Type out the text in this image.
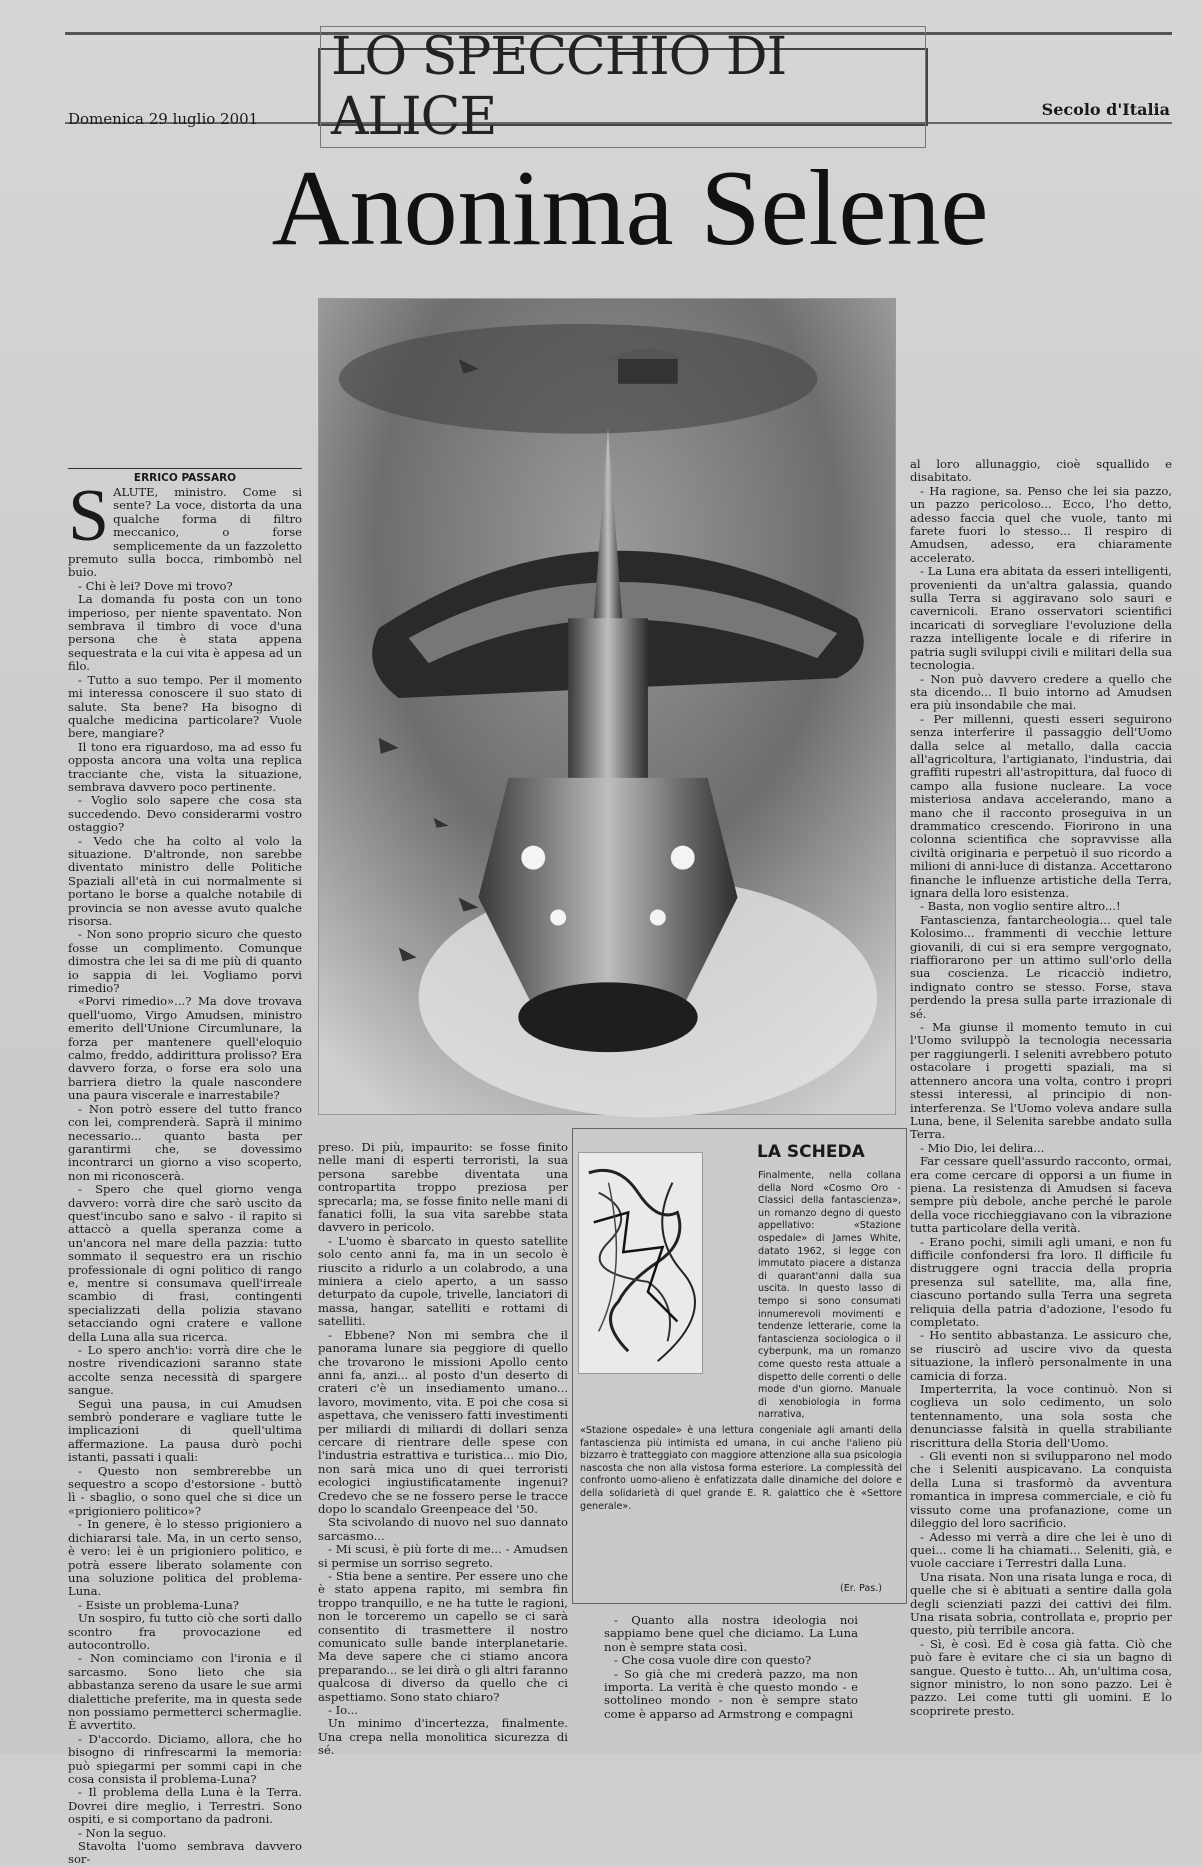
Domenica 29 luglio 2001
LO SPECCHIO DI ALICE	Secolo d'Italia
Anonima Selene
ERRICO PASSARO
S ALUTE, ministro. Come si sente? La voce, distorta da una qualche forma di filtro meccanico, o forse semplicemente da un fazzoletto premuto sulla bocca, rimbombò nel buio.

- Chi è lei? Dove mi trovo?

La domanda fu posta con un tono imperioso, per niente spaventato. Non sembrava il timbro di voce d'una persona che è stata appena sequestrata e la cui vita è appesa ad un filo.

- Tutto a suo tempo. Per il momento mi interessa conoscere il suo stato di salute. Sta bene? Ha bisogno di qualche medicina particolare? Vuole bere, mangiare?

Il tono era riguardoso, ma ad esso fu opposta ancora una volta una replica tracciante che, vista la situazione, sembrava davvero poco pertinente.

- Voglio solo sapere che cosa sta succedendo. Devo considerarmi vostro ostaggio?

- Vedo che ha colto al volo la situazione. D'altronde, non sarebbe diventato ministro delle Politiche Spaziali all'età in cui normalmente si portano le borse a qualche notabile di provincia se non avesse avuto qualche risorsa.

- Non sono proprio sicuro che questo fosse un complimento. Comunque dimostra che lei sa di me più di quanto io sappia di lei. Vogliamo porvi rimedio?

«Porvi rimedio»...? Ma dove trovava quell'uomo, Virgo Amudsen, ministro emerito dell'Unione Circumlunare, la forza per mantenere quell'eloquio calmo, freddo, addirittura prolisso? Era davvero forza, o forse era solo una barriera dietro la quale nascondere una paura viscerale e inarrestabile?

- Non potrò essere del tutto franco con lei, comprenderà. Saprà il minimo necessario... quanto basta per garantirmi che, se dovessimo incontrarci un giorno a viso scoperto, non mi riconoscerà.

- Spero che quel giorno venga davvero: vorrà dire che sarò uscito da quest'incubo sano e salvo - il rapito si attaccò a quella speranza come a un'ancora nel mare della pazzia: tutto sommato il sequestro era un rischio professionale di ogni politico di rango e, mentre si consumava quell'irreale scambio di frasi, contingenti specializzati della polizia stavano setacciando ogni cratere e vallone della Luna alla sua ricerca.

- Lo spero anch'io: vorrà dire che le nostre rivendicazioni saranno state accolte senza necessità di spargere sangue.

Seguì una pausa, in cui Amudsen sembrò ponderare e vagliare tutte le implicazioni di quell'ultima affermazione. La pausa durò pochi istanti, passati i quali:

- Questo non sembrerebbe un sequestro a scopo d'estorsione - buttò lì - sbaglio, o sono quel che si dice un «prigioniero politico»?

- In genere, è lo stesso prigioniero a dichiararsi tale. Ma, in un certo senso, è vero: lei è un prigioniero politico, e potrà essere liberato solamente con una soluzione politica del problema-Luna.

- Esiste un problema-Luna?

Un sospiro, fu tutto ciò che sortì dallo scontro fra provocazione ed autocontrollo.

- Non cominciamo con l'ironia e il sarcasmo. Sono lieto che sia abbastanza sereno da usare le sue armi dialettiche preferite, ma in questa sede non possiamo permetterci schermaglie. È avvertito.

- D'accordo. Diciamo, allora, che ho bisogno di rinfrescarmi la memoria: può spiegarmi per sommi capi in che cosa consista il problema-Luna?

- Il problema della Luna è la Terra. Dovrei dire meglio, i Terrestri. Sono ospiti, e si comportano da padroni.

- Non la seguo.

Stavolta l'uomo sembrava davvero sor-

preso. Di più, impaurito: se fosse finito nelle mani di esperti terroristi, la sua persona sarebbe diventata una contropartita troppo preziosa per sprecarla; ma, se fosse finito nelle mani di fanatici folli, la sua vita sarebbe stata davvero in pericolo.

- L'uomo è sbarcato in questo satellite solo cento anni fa, ma in un secolo è riuscito a ridurlo a un colabrodo, a una miniera a cielo aperto, a un sasso deturpato da cupole, trivelle, lanciatori di massa, hangar, satelliti e rottami di satelliti.

- Ebbene? Non mi sembra che il panorama lunare sia peggiore di quello che trovarono le missioni Apollo cento anni fa, anzi... al posto d'un deserto di crateri c'è un insediamento umano... lavoro, movimento, vita. E poi che cosa si aspettava, che venissero fatti investimenti per miliardi di miliardi di dollari senza cercare di rientrare delle spese con l'industria estrattiva e turistica... mio Dio, non sarà mica uno di quei terroristi ecologici ingiustificatamente ingenui? Credevo che se ne fossero perse le tracce dopo lo scandalo Greenpeace del '50.

Sta scivolando di nuovo nel suo dannato sarcasmo...

- Mi scusi, è più forte di me... - Amudsen si permise un sorriso segreto.

- Stia bene a sentire. Per essere uno che è stato appena rapito, mi sembra fin troppo tranquillo, e ne ha tutte le ragioni, non le torceremo un capello se ci sarà consentito di trasmettere il nostro comunicato sulle bande interplanetarie. Ma deve sapere che ci stiamo ancora preparando... se lei dirà o gli altri faranno qualcosa di diverso da quello che ci aspettiamo. Sono stato chiaro?

- Io...

Un minimo d'incertezza, finalmente. Una crepa nella monolitica sicurezza di sé.

LA SCHEDA
Finalmente, nella collana della Nord «Cosmo Oro - Classici della fantascienza», un romanzo degno di questo appellativo: «Stazione ospedale» di James White, datato 1962, si legge con immutato piacere a distanza di quarant'anni dalla sua uscita. In questo lasso di tempo si sono consumati innumerevoli movimenti e tendenze letterarie, come la fantascienza sociologica o il cyberpunk, ma un romanzo come questo resta attuale a dispetto delle correnti o delle mode d'un giorno. Manuale di xenobiologia in forma narrativa,
«Stazione ospedale» è una lettura congeniale agli amanti della fantascienza più intimista ed umana, in cui anche l'alieno più bizzarro è tratteggiato con maggiore attenzione alla sua psicologia nascosta che non alla vistosa forma esteriore. La complessità del confronto uomo-alieno è enfatizzata dalle dinamiche del dolore e della solidarietà di quel grande E. R. galattico che è «Settore generale».
(Er. Pas.)

- Quanto alla nostra ideologia noi sappiamo bene quel che diciamo. La Luna non è sempre stata così.

- Che cosa vuole dire con questo?

- So già che mi crederà pazzo, ma non importa. La verità è che questo mondo - e sottolineo mondo - non è sempre stato come è apparso ad Armstrong e compagni

al loro allunaggio, cioè squallido e disabitato.

- Ha ragione, sa. Penso che lei sia pazzo, un pazzo pericoloso... Ecco, l'ho detto, adesso faccia quel che vuole, tanto mi farete fuori lo stesso... Il respiro di Amudsen, adesso, era chiaramente accelerato.

- La Luna era abitata da esseri intelligenti, provenienti da un'altra galassia, quando sulla Terra si aggiravano solo sauri e cavernicoli. Erano osservatori scientifici incaricati di sorvegliare l'evoluzione della razza intelligente locale e di riferire in patria sugli sviluppi civili e militari della sua tecnologia.

- Non può davvero credere a quello che sta dicendo... Il buio intorno ad Amudsen era più insondabile che mai.

- Per millenni, questi esseri seguirono senza interferire il passaggio dell'Uomo dalla selce al metallo, dalla caccia all'agricoltura, l'artigianato, l'industria, dai graffiti rupestri all'astropittura, dal fuoco di campo alla fusione nucleare. La voce misteriosa andava accelerando, mano a mano che il racconto proseguiva in un drammatico crescendo. Fiorirono in una colonna scientifica che sopravvisse alla civiltà originaria e perpetuò il suo ricordo a milioni di anni-luce di distanza. Accettarono finanche le influenze artistiche della Terra, ignara della loro esistenza.

- Basta, non voglio sentire altro...!

Fantascienza, fantarcheologia... quel tale Kolosimo... frammenti di vecchie letture giovanili, di cui si era sempre vergognato, riaffiorarono per un attimo sull'orlo della sua coscienza. Le ricacciò indietro, indignato contro se stesso. Forse, stava perdendo la presa sulla parte irrazionale di sé.

- Ma giunse il momento temuto in cui l'Uomo sviluppò la tecnologia necessaria per raggiungerli. I seleniti avrebbero potuto ostacolare i progetti spaziali, ma si attennero ancora una volta, contro i propri stessi interessi, al principio di non-interferenza. Se l'Uomo voleva andare sulla Luna, bene, il Selenita sarebbe andato sulla Terra.

- Mio Dio, lei delira...

Far cessare quell'assurdo racconto, ormai, era come cercare di opporsi a un fiume in piena. La resistenza di Amudsen si faceva sempre più debole, anche perché le parole della voce ricchieggiavano con la vibrazione tutta particolare della verità.

- Erano pochi, simili agli umani, e non fu difficile confondersi fra loro. Il difficile fu distruggere ogni traccia della propria presenza sul satellite, ma, alla fine, ciascuno portando sulla Terra una segreta reliquia della patria d'adozione, l'esodo fu completato.

- Ho sentito abbastanza. Le assicuro che, se riuscirò ad uscire vivo da questa situazione, la inflerò personalmente in una camicia di forza.

Imperterrita, la voce continuò. Non si coglieva un solo cedimento, un solo tentennamento, una sola sosta che denunciasse falsità in quella strabiliante riscrittura della Storia dell'Uomo.

- Gli eventi non si svilupparono nel modo che i Seleniti auspicavano. La conquista della Luna si trasformò da avventura romantica in impresa commerciale, e ciò fu vissuto come una profanazione, come un dileggio del loro sacrificio.

- Adesso mi verrà a dire che lei è uno di quei... come li ha chiamati... Seleniti, già, e vuole cacciare i Terrestri dalla Luna.

Una risata. Non una risata lunga e roca, di quelle che si è abituati a sentire dalla gola degli scienziati pazzi dei cattivi dei film. Una risata sobria, controllata e, proprio per questo, più terribile ancora.

- Sì, è così. Ed è cosa già fatta. Ciò che può fare è evitare che ci sia un bagno di sangue. Questo è tutto... Ah, un'ultima cosa, signor ministro, lo non sono pazzo. Lei è pazzo. Lei come tutti gli uomini. E lo scoprirete presto.
